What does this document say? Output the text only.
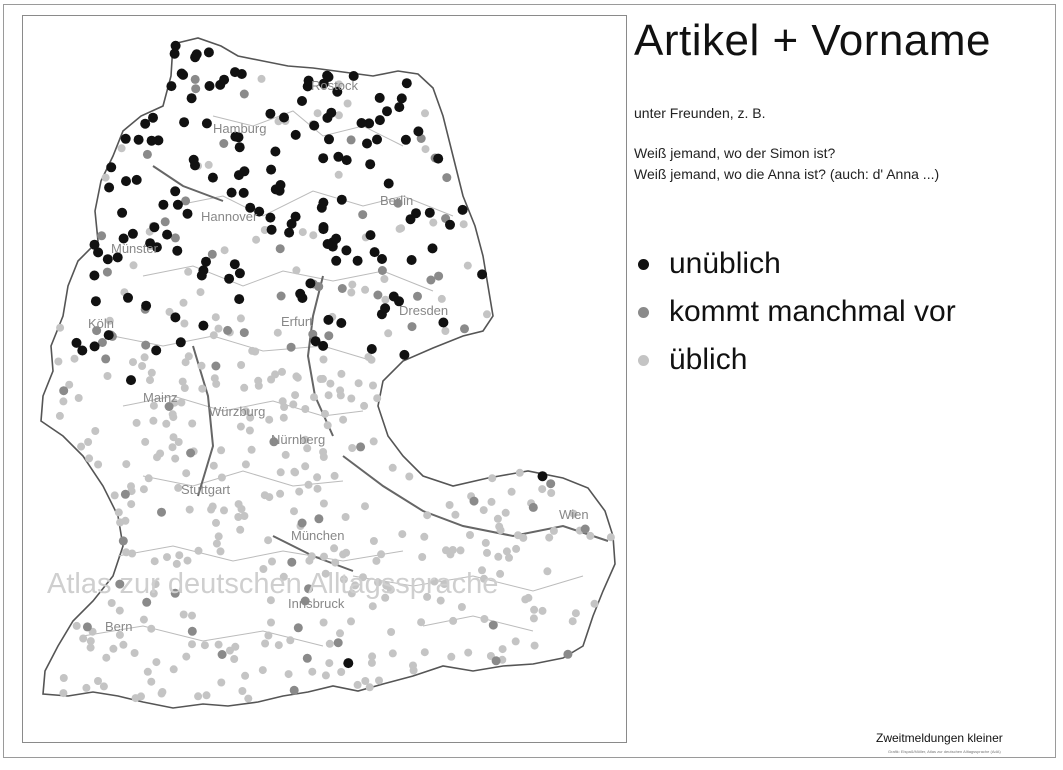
Rostock
Hamburg
Berlin
Hannover
Münster
Köln
Dresden
Erfurt
Mainz
Würzburg
Nürnberg
Stuttgart
München
Wien
Innsbruck
Bern
Atlas zur deutschen Alltagssprache
Artikel + Vorname
unter Freunden, z. B.
Weiß jemand, wo der Simon ist?
Weiß jemand, wo die Anna ist? (auch: d' Anna ...)
unüblich
kommt manchmal vor
üblich
Zweitmeldungen kleiner
Grafik: Elspaß/Möller, Atlas zur deutschen Alltagssprache (AdA)
